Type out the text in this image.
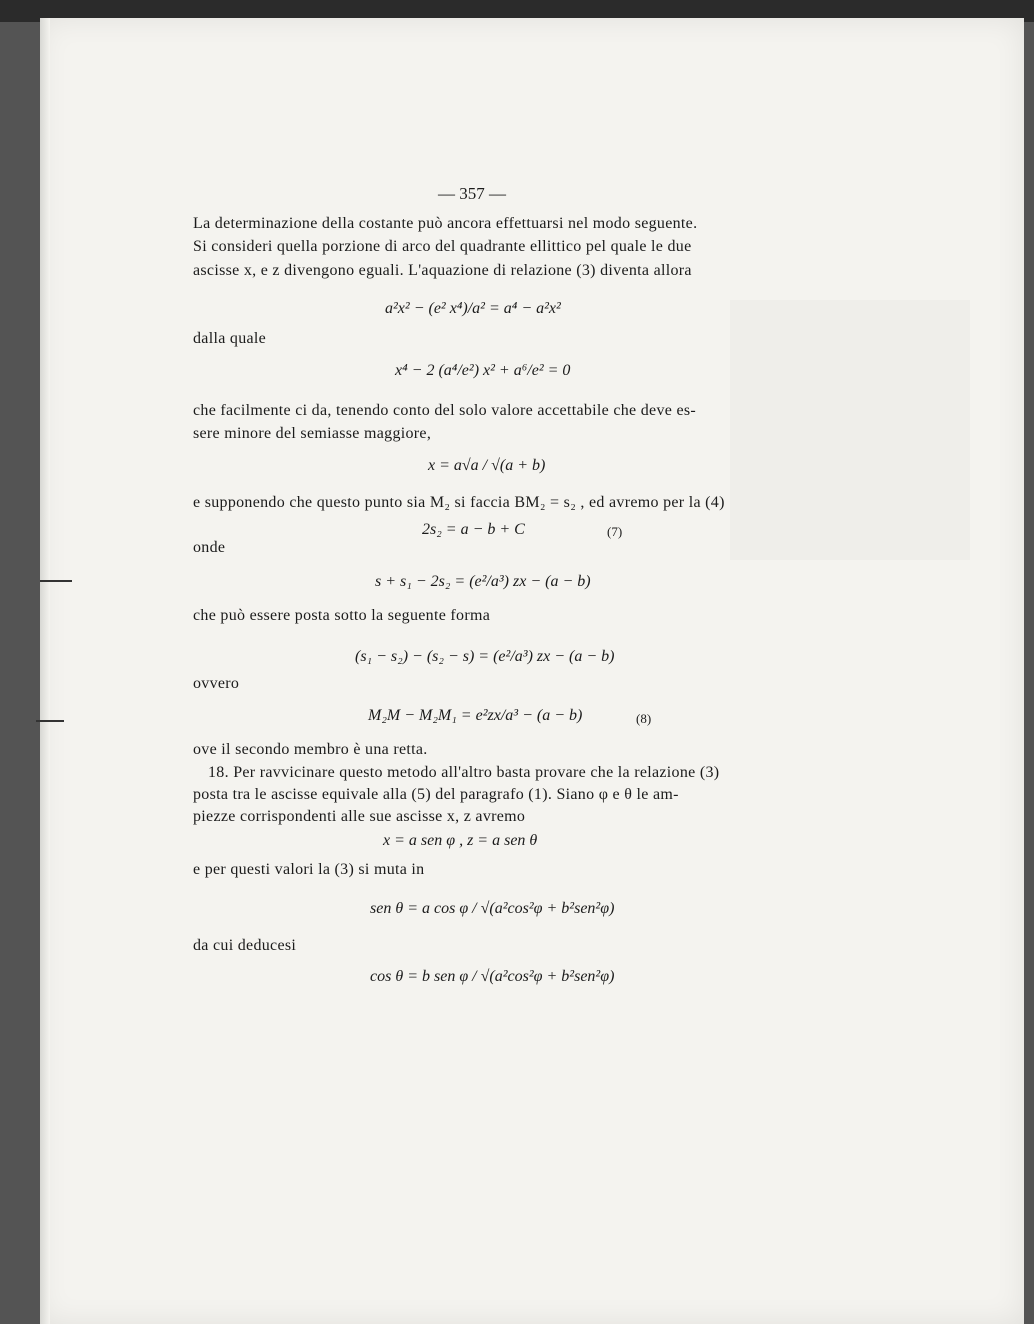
— 357 —
La determinazione della costante può ancora effettuarsi nel modo seguente.
Si consideri quella porzione di arco del quadrante ellittico pel quale le due
ascisse x, e z divengono eguali. L'aquazione di relazione (3) diventa allora
a²x² − (e² x⁴)/a² = a⁴ − a²x²
dalla quale
x⁴ − 2 (a⁴/e²) x² + a⁶/e² = 0
che facilmente ci da, tenendo conto del solo valore accettabile che deve es-
sere minore del semiasse maggiore,
x = a√a / √(a + b)
e supponendo che questo punto sia M₂ si faccia BM₂ = s₂ , ed avremo per la (4)
2s₂ = a − b + C	(7)
onde
s + s₁ − 2s₂ = (e²/a³) zx − (a − b)
che può essere posta sotto la seguente forma
(s₁ − s₂) − (s₂ − s) = (e²/a³) zx − (a − b)
ovvero
M₂M − M₂M₁ = e²zx/a³ − (a − b)	(8)
ove il secondo membro è una retta.
18. Per ravvicinare questo metodo all'altro basta provare che la relazione (3)
posta tra le ascisse equivale alla (5) del paragrafo (1). Siano φ e θ le am-
piezze corrispondenti alle sue ascisse x, z avremo
x = a sen φ , z = a sen θ
e per questi valori la (3) si muta in
sen θ = a cos φ / √(a²cos²φ + b²sen²φ)
da cui deducesi
cos θ = b sen φ / √(a²cos²φ + b²sen²φ)
